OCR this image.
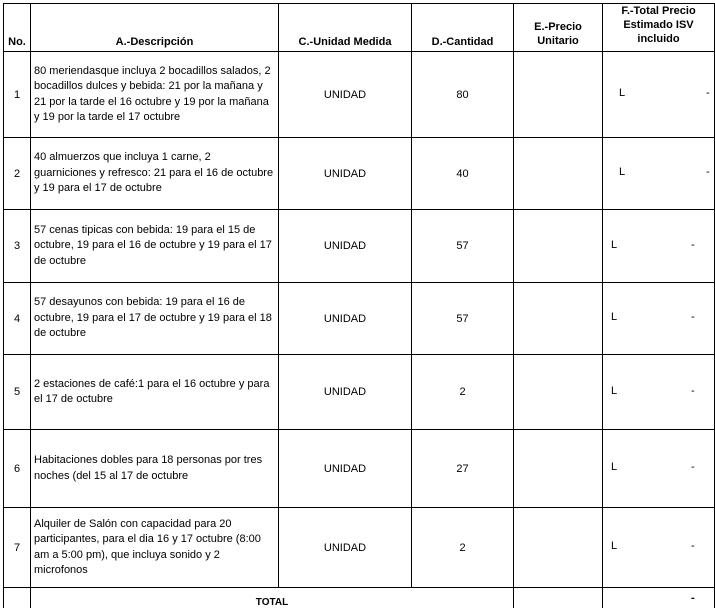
No.	A.-Descripción	C.-Unidad Medida	D.-Cantidad	E.-Precio Unitario	F.-Total Precio Estimado ISV incluido
1	80 meriendasque incluya 2 bocadillos salados, 2 bocadillos dulces y bebida: 21 por la mañana y 21 por la tarde el 16 octubre y 19 por la mañana y 19 por la tarde el 17 octubre	UNIDAD	80		L -

2	40 almuerzos que incluya 1 carne, 2 guarniciones y refresco: 21 para el 16 de octubre y 19 para el 17 de octubre	UNIDAD	40		L -

3	57 cenas tipicas con bebida: 19 para el 15 de octubre, 19 para el 16 de octubre y 19 para el 17 de octubre	UNIDAD	57		L -

4	57 desayunos con bebida: 19 para el 16 de octubre, 19 para el 17 de octubre y 19 para el 18 de octubre	UNIDAD	57		L -

5	2 estaciones de café:1 para el 16 octubre y para el 17 de octubre	UNIDAD	2		L -

6	Habitaciones dobles para 18 personas por tres noches (del 15 al 17 de octubre	UNIDAD	27		L -

7	Alquiler de Salón con capacidad para 20 participantes, para el dia 16 y 17 octubre (8:00 am a 5:00 pm), que incluya sonido y 2 microfonos	UNIDAD	2		L -

	TOTAL				-
